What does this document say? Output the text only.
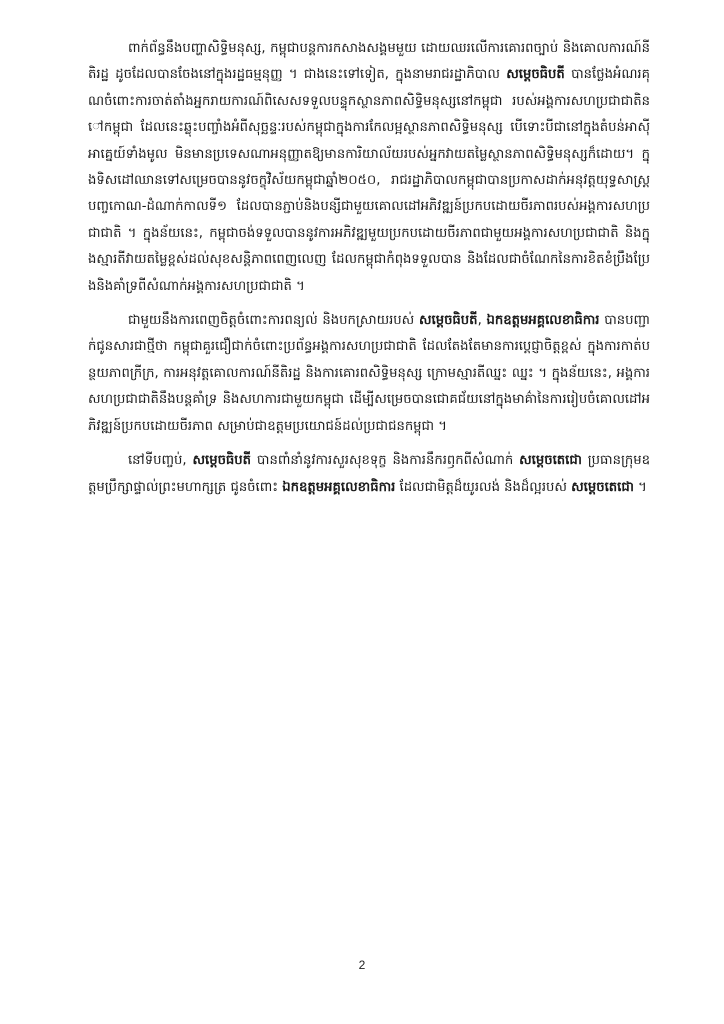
ពាក់ព័ន្ធនឹងបញ្ហាសិទ្ធិមនុស្ស, កម្ពុជាបន្តការកសាងសង្គមមួយ ដោយឈរលើការគោរពច្បាប់ និងគោលការណ៍នីតិរដ្ឋ ដូចដែលបានចែងនៅក្នុងរដ្ឋធម្មនុញ្ញ ។ ជាងនេះទៅទៀត, ក្នុងនាមរាជរដ្ឋាភិបាល សម្តេចធិបតី បានថ្លែងអំណរគុណចំពោះការចាត់តាំងអ្នករាយការណ៍ពិសេសទទួលបន្ទុកស្ថានភាពសិទ្ធិមនុស្សនៅកម្ពុជា របស់អង្គការសហប្រជាជាតិនៅកម្ពុជា ដែលនេះឆ្លុះបញ្ចាំងអំពីសុច្ឆន្ទៈរបស់កម្ពុជាក្នុងការកែលម្អស្ថានភាពសិទ្ធិមនុស្ស បើទោះបីជានៅក្នុងតំបន់អាស៊ីអាគ្នេយ៍ទាំងមូល មិនមានប្រទេសណាអនុញ្ញាតឱ្យមានការិយាល័យរបស់អ្នកវាយតម្លៃស្ថានភាពសិទ្ធិមនុស្សក៏ដោយ។ ក្នុងទិសដៅឈានទៅសម្រេចបាននូវចក្ខុវិស័យកម្ពុជាឆ្នាំ២០៥០, រាជរដ្ឋាភិបាលកម្ពុជាបានប្រកាសដាក់អនុវត្តយុទ្ធសាស្ត្របញ្ចកោណ-ដំណាក់កាលទី១ ដែលបានភ្ជាប់និងបន្សីជាមួយគោលដៅអភិវឌ្ឍន៍ប្រកបដោយចីរភាពរបស់អង្គការសហប្រជាជាតិ ។ ក្នុងន័យនេះ, កម្ពុជាចង់ទទួលបាននូវការអភិវឌ្ឍមួយប្រកបដោយចីរភាពជាមួយអង្គការសហប្រជាជាតិ និងក្នុងស្មារតីវាយតម្លៃខ្ពស់ដល់សុខសន្តិភាពពេញលេញ ដែលកម្ពុជាកំពុងទទួលបាន និងដែលជាចំណែកនៃការខិតខំប្រឹងប្រែងនិងគាំទ្រពីសំណាក់អង្គការសហប្រជាជាតិ ។

ជាមួយនឹងការពេញចិត្តចំពោះការពន្យល់ និងបកស្រាយរបស់ សម្តេចធិបតី, ឯកឧត្តមអគ្គលេខាធិការ បានបញ្ជាក់ជូនសារជាថ្មីថា កម្ពុជាគួរជឿជាក់ចំពោះប្រព័ន្ធអង្គការសហប្រជាជាតិ ដែលតែងតែមានការប្តេជ្ញាចិត្តខ្ពស់ ក្នុងការកាត់បន្ថយភាពក្រីក្រ, ការអនុវត្តគោលការណ៍នីតិរដ្ឋ និងការគោរពសិទ្ធិមនុស្ស ក្រោមស្មារតីឈ្នះ ឈ្នះ ។ ក្នុងន័យនេះ, អង្គការសហប្រជាជាតិនឹងបន្តគាំទ្រ និងសហការជាមួយកម្ពុជា ដើម្បីសម្រេចបានជោគជ័យនៅក្នុងមាគ៌ានៃការរៀបចំគោលដៅអភិវឌ្ឍន៍ប្រកបដោយចីរភាព សម្រាប់ជាឧត្តមប្រយោជន៍ដល់ប្រជាជនកម្ពុជា ។

នៅទីបញ្ចប់, សម្តេចធិបតី បានពាំនាំនូវការសួរសុខទុក្ខ និងការនឹករឭកពីសំណាក់ សម្តេចតេជោ ប្រធានក្រុមឧត្តមប្រឹក្សាផ្ទាល់ព្រះមហាក្សត្រ ជូនចំពោះ ឯកឧត្តមអគ្គលេខាធិការ ដែលជាមិត្តដ៏យូរលង់ និងដ៏ល្អរបស់ សម្តេចតេជោ ។

2
